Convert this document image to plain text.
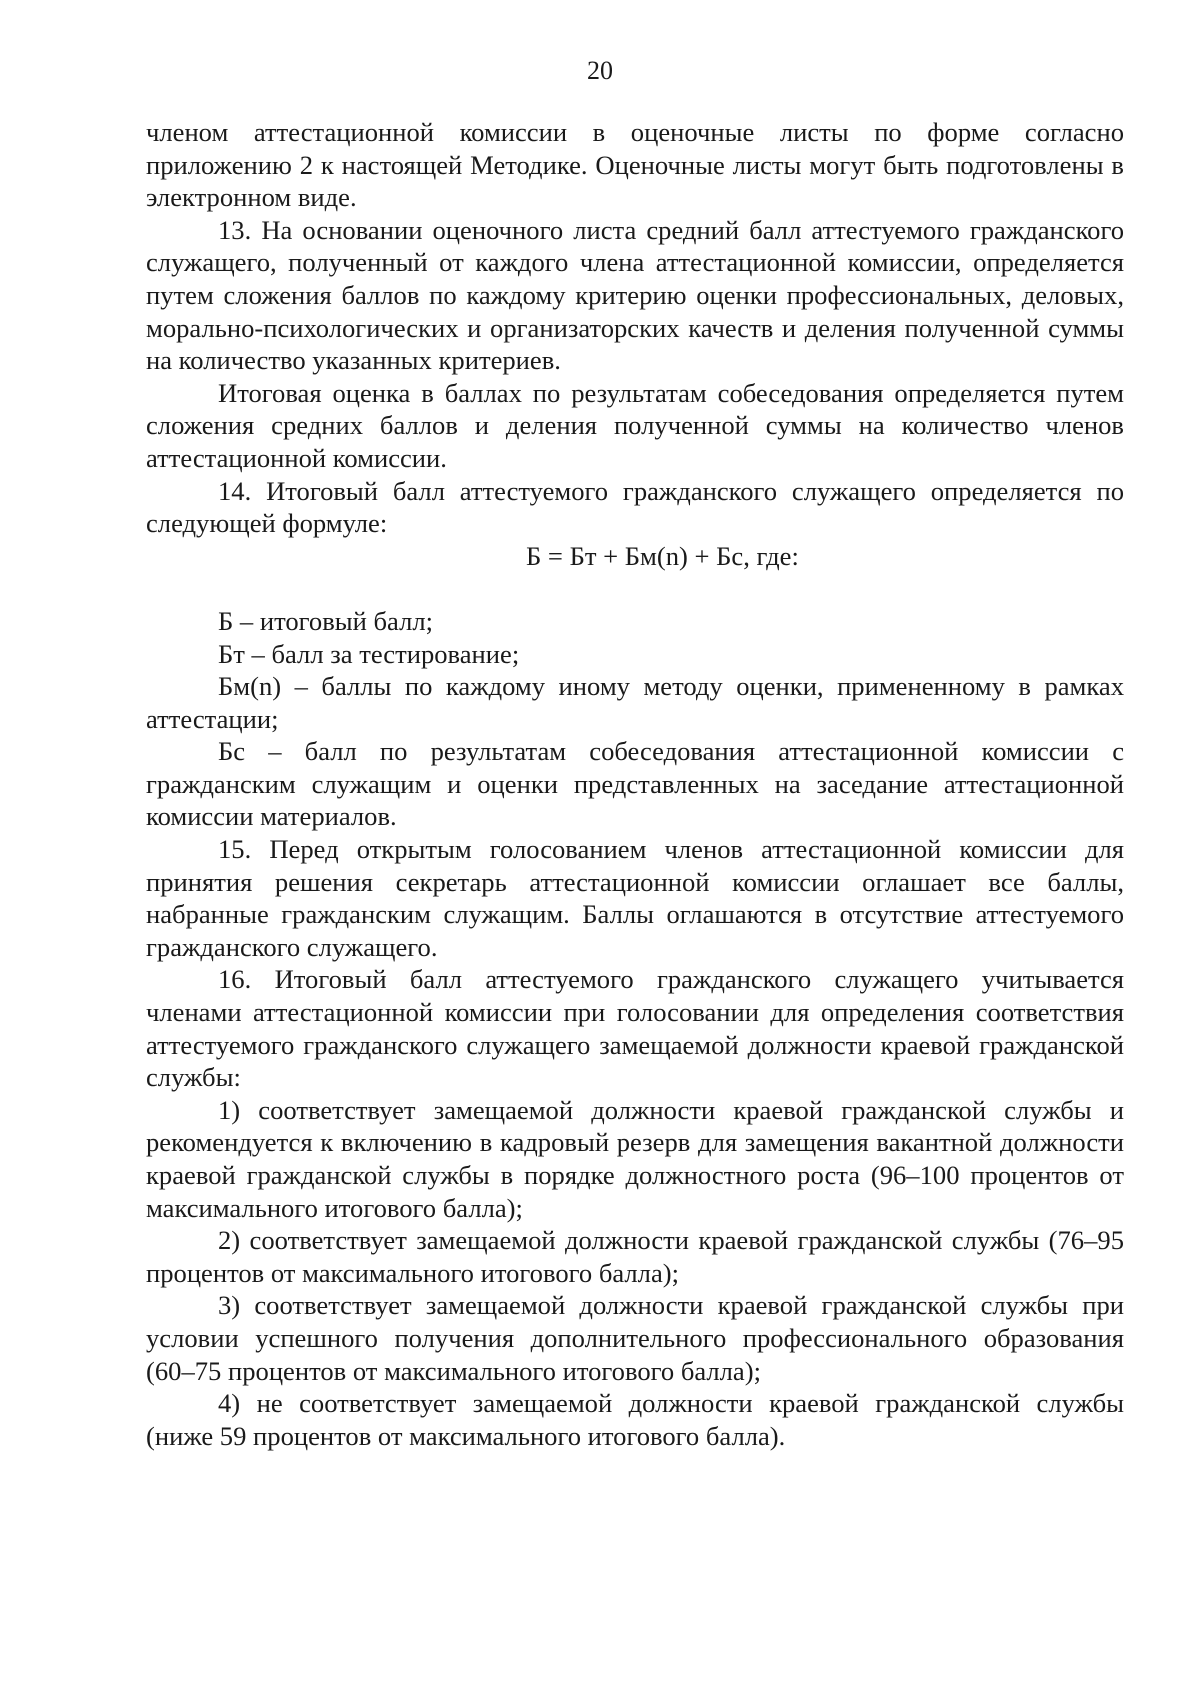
20

членом аттестационной комиссии в оценочные листы по форме согласно приложению 2 к настоящей Методике. Оценочные листы могут быть подготовлены в электронном виде.

13. На основании оценочного листа средний балл аттестуемого гражданского служащего, полученный от каждого члена аттестационной комиссии, определяется путем сложения баллов по каждому критерию оценки профессиональных, деловых, морально-психологических и организаторских качеств и деления полученной суммы на количество указанных критериев.

Итоговая оценка в баллах по результатам собеседования определяется путем сложения средних баллов и деления полученной суммы на количество членов аттестационной комиссии.

14. Итоговый балл аттестуемого гражданского служащего определяется по следующей формуле:

Б = Бт + Бм(n) + Бс, где:

Б – итоговый балл;

Бт – балл за тестирование;

Бм(n) – баллы по каждому иному методу оценки, примененному в рамках аттестации;

Бс – балл по результатам собеседования аттестационной комиссии с гражданским служащим и оценки представленных на заседание аттестационной комиссии материалов.

15. Перед открытым голосованием членов аттестационной комиссии для принятия решения секретарь аттестационной комиссии оглашает все баллы, набранные гражданским служащим. Баллы оглашаются в отсутствие аттестуемого гражданского служащего.

16. Итоговый балл аттестуемого гражданского служащего учитывается членами аттестационной комиссии при голосовании для определения соответствия аттестуемого гражданского служащего замещаемой должности краевой гражданской службы:

1) соответствует замещаемой должности краевой гражданской службы и рекомендуется к включению в кадровый резерв для замещения вакантной должности краевой гражданской службы в порядке должностного роста (96–100 процентов от максимального итогового балла);

2) соответствует замещаемой должности краевой гражданской службы (76–95 процентов от максимального итогового балла);

3) соответствует замещаемой должности краевой гражданской службы при условии успешного получения дополнительного профессионального образования (60–75 процентов от максимального итогового балла);

4) не соответствует замещаемой должности краевой гражданской службы (ниже 59 процентов от максимального итогового балла).
